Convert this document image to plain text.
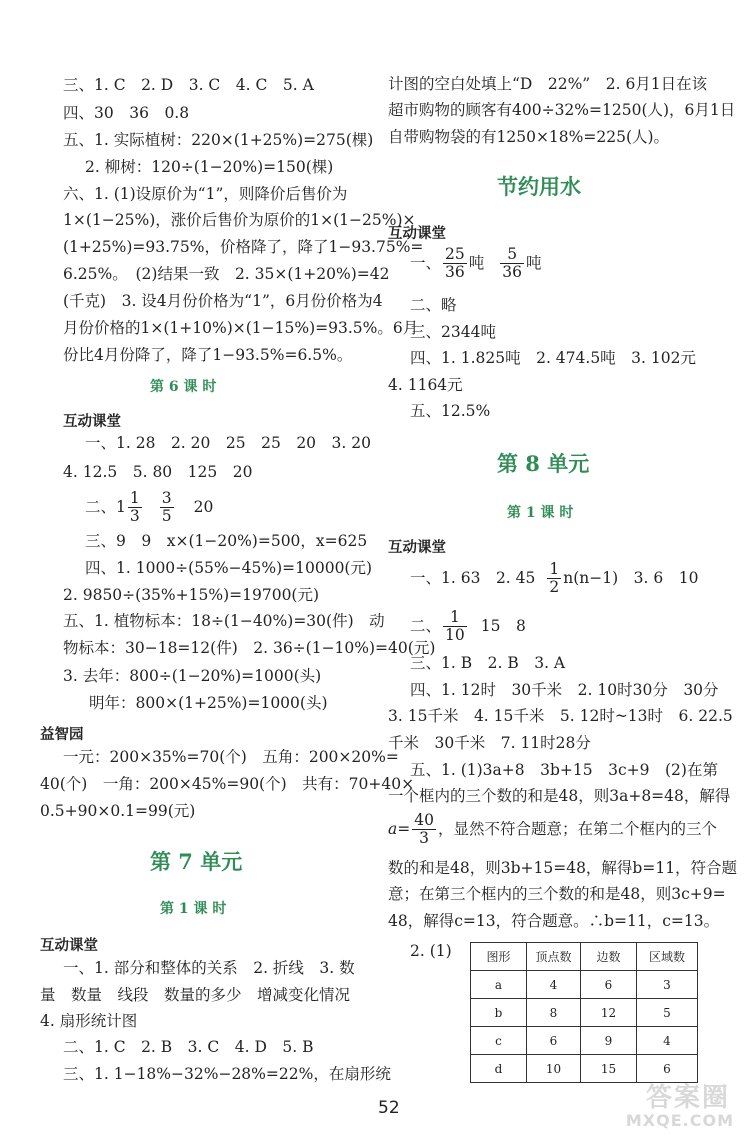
三、1. C　2. D　3. C　4. C　5. A
四、30　36　0.8
五、1. 实际植树：220×(1+25%)=275(棵)
2. 柳树：120÷(1−20%)=150(棵)
六、1. (1)设原价为“1”，则降价后售价为
1×(1−25%)，涨价后售价为原价的1×(1−25%)×
(1+25%)=93.75%，价格降了，降了1−93.75%=
6.25%。　(2)结果一致　2. 35×(1+20%)=42
(千克)　3. 设4月份价格为“1”，6月份价格为4
月份价格的1×(1+10%)×(1−15%)=93.5%。6月
份比4月份降了，降了1−93.5%=6.5%。
第 6 课 时
互动课堂
一、1. 28　2. 20　25　25　20　3. 20
4. 12.5　5. 80　125　20
二、$1 \frac{1}{3} \frac{3}{5} 20$
三、9　9　x×(1−20%)=500，x=625
四、1. 1000÷(55%−45%)=10000(元)
2. 9850÷(35%+15%)=19700(元)
五、1. 植物标本：18÷(1−40%)=30(件)　动
物标本：30−18=12(件)　2. 36÷(1−10%)=40(元)
3. 去年：800÷(1−20%)=1000(头)
明年：800×(1+25%)=1000(头)
益智园
一元：200×35%=70(个)　五角：200×20%=
40(个)　一角：200×45%=90(个)　共有：70+40×
0.5+90×0.1=99(元)
第 7 单元
第 1 课 时
互动课堂
一、1. 部分和整体的关系　2. 折线　3. 数
量　数量　线段　数量的多少　增减变化情况
4. 扇形统计图
二、1. C　2. B　3. C　4. D　5. B
三、1. 1−18%−32%−28%=22%，在扇形统
计图的空白处填上“D　22%”　2. 6月1日在该
超市购物的顾客有400÷32%=1250(人)，6月1日
自带购物袋的有1250×18%=225(人)。
节约用水
互动课堂
一、 $\frac{25}{36}$ 吨 $\frac{5}{36}$ 吨
二、略
三、2344吨
四、1. 1.825吨　2. 474.5吨　3. 102元
4. 1164元
五、12.5%
第 8 单元
第 1 课 时
互动课堂
一、1. 63　2. $45 \frac{1}{2} n(n-1)$　3. 6　10
二、 $\frac{1}{10} 15$　8
三、1. B　2. B　3. A
四、1. 12时　30千米　2. 10时30分　30分
3. 15千米　4. 15千米　5. 12时~13时　6. 22.5
千米　30千米　7. 11时28分
五、1. (1)3a+8　3b+15　3c+9　(2)在第
一个框内的三个数的和是48，则3a+8=48，解得
$a= \frac{40}{3}$ ，显然不符合题意；在第二个框内的三个
数的和是48，则3b+15=48，解得b=11，符合题
意；在第三个框内的三个数的和是48，则3c+9=
48，解得c=13，符合题意。∴b=11，c=13。
2. (1)	图形	顶点数	边数	区域数
a	4	6	3
b	8	12	5
c	6	9	4
d	10	15	6
52	答案圈
MXQE.COM
